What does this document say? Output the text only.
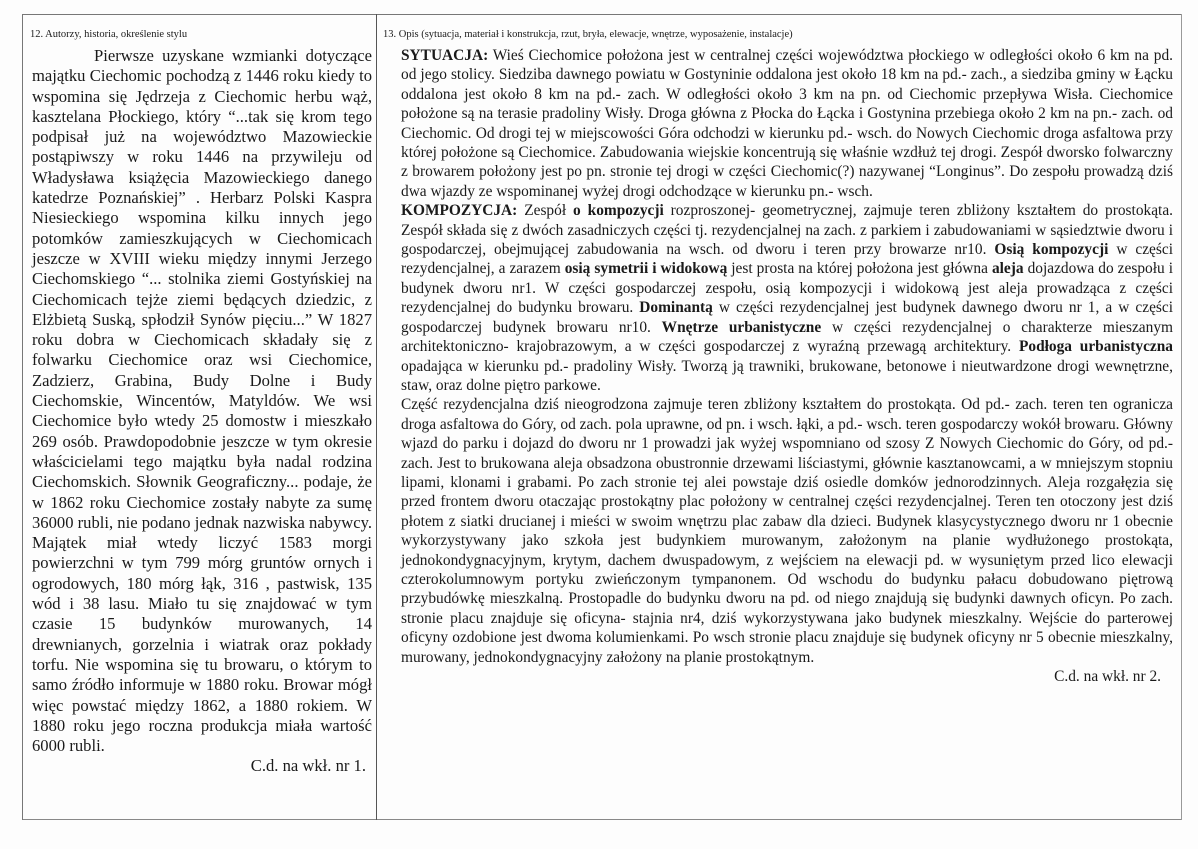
12. Autorzy, historia, określenie stylu

Pierwsze uzyskane wzmianki dotyczące majątku Ciechomic pochodzą z 1446 roku kiedy to wspomina się Jędrzeja z Ciechomic herbu wąż, kasztelana Płockiego, który “...tak się krom tego podpisał już na województwo Mazowieckie postąpiwszy w roku 1446 na przywileju od Władysława książęcia Mazowieckiego danego katedrze Poznańskiej” . Herbarz Polski Kaspra Niesieckiego wspomina kilku innych jego potomków zamieszkujących w Ciechomicach jeszcze w XVIII wieku między innymi Jerzego Ciechomskiego “... stolnika ziemi Gostyńskiej na Ciechomicach tejże ziemi będących dziedzic, z Elżbietą Suską, spłodził Synów pięciu...” W 1827 roku dobra w Ciechomicach składały się z folwarku Ciechomice oraz wsi Ciechomice, Zadzierz, Grabina, Budy Dolne i Budy Ciechomskie, Wincentów, Matyldów. We wsi Ciechomice było wtedy 25 domostw i mieszkało 269 osób. Prawdopodobnie jeszcze w tym okresie właścicielami tego majątku była nadal rodzina Ciechomskich. Słownik Geograficzny... podaje, że w 1862 roku Ciechomice zostały nabyte za sumę 36000 rubli, nie podano jednak nazwiska nabywcy. Majątek miał wtedy liczyć 1583 morgi powierzchni w tym 799 mórg gruntów ornych i ogrodowych, 180 mórg łąk, 316 , pastwisk, 135 wód i 38 lasu. Miało tu się znajdować w tym czasie 15 budynków murowanych, 14 drewnianych, gorzelnia i wiatrak oraz pokłady torfu. Nie wspomina się tu browaru, o którym to samo źródło informuje w 1880 roku. Browar mógł więc powstać między 1862, a 1880 rokiem. W 1880 roku jego roczna produkcja miała wartość 6000 rubli.

C.d. na wkł. nr 1.

13. Opis (sytuacja, materiał i konstrukcja, rzut, bryła, elewacje, wnętrze, wyposażenie, instalacje)

SYTUACJA: Wieś Ciechomice położona jest w centralnej części województwa płockiego w odległości około 6 km na pd. od jego stolicy. Siedziba dawnego powiatu w Gostyninie oddalona jest około 18 km na pd.- zach., a siedziba gminy w Łącku oddalona jest około 8 km na pd.- zach. W odległości około 3 km na pn. od Ciechomic przepływa Wisła. Ciechomice położone są na terasie pradoliny Wisły. Droga główna z Płocka do Łącka i Gostynina przebiega około 2 km na pn.- zach. od Ciechomic. Od drogi tej w miejscowości Góra odchodzi w kierunku pd.- wsch. do Nowych Ciechomic droga asfaltowa przy której położone są Ciechomice. Zabudowania wiejskie koncentrują się właśnie wzdłuż tej drogi. Zespół dworsko folwarczny z browarem położony jest po pn. stronie tej drogi w części Ciechomic(?) nazywanej “Longinus”. Do zespołu prowadzą dziś dwa wjazdy ze wspominanej wyżej drogi odchodzące w kierunku pn.- wsch.

KOMPOZYCJA: Zespół o kompozycji rozproszonej- geometrycznej, zajmuje teren zbliżony kształtem do prostokąta. Zespół składa się z dwóch zasadniczych części tj. rezydencjalnej na zach. z parkiem i zabudowaniami w sąsiedztwie dworu i gospodarczej, obejmującej zabudowania na wsch. od dworu i teren przy browarze nr10. Osią kompozycji w części rezydencjalnej, a zarazem osią symetrii i widokową jest prosta na której położona jest główna aleja dojazdowa do zespołu i budynek dworu nr1. W części gospodarczej zespołu, osią kompozycji i widokową jest aleja prowadząca z części rezydencjalnej do budynku browaru. Dominantą w części rezydencjalnej jest budynek dawnego dworu nr 1, a w części gospodarczej budynek browaru nr10. Wnętrze urbanistyczne w części rezydencjalnej o charakterze mieszanym architektoniczno- krajobrazowym, a w części gospodarczej z wyraźną przewagą architektury. Podłoga urbanistyczna opadająca w kierunku pd.- pradoliny Wisły. Tworzą ją trawniki, brukowane, betonowe i nieutwardzone drogi wewnętrzne, staw, oraz dolne piętro parkowe.

Część rezydencjalna dziś nieogrodzona zajmuje teren zbliżony kształtem do prostokąta. Od pd.- zach. teren ten ogranicza droga asfaltowa do Góry, od zach. pola uprawne, od pn. i wsch. łąki, a pd.- wsch. teren gospodarczy wokół browaru. Główny wjazd do parku i dojazd do dworu nr 1 prowadzi jak wyżej wspomniano od szosy Z Nowych Ciechomic do Góry, od pd.- zach. Jest to brukowana aleja obsadzona obustronnie drzewami liściastymi, głównie kasztanowcami, a w mniejszym stopniu lipami, klonami i grabami. Po zach stronie tej alei powstaje dziś osiedle domków jednorodzinnych. Aleja rozgałęzia się przed frontem dworu otaczając prostokątny plac położony w centralnej części rezydencjalnej. Teren ten otoczony jest dziś płotem z siatki drucianej i mieści w swoim wnętrzu plac zabaw dla dzieci. Budynek klasycystycznego dworu nr 1 obecnie wykorzystywany jako szkoła jest budynkiem murowanym, założonym na planie wydłużonego prostokąta, jednokondygnacyjnym, krytym, dachem dwuspadowym, z wejściem na elewacji pd. w wysuniętym przed lico elewacji czterokolumnowym portyku zwieńczonym tympanonem. Od wschodu do budynku pałacu dobudowano piętrową przybudówkę mieszkalną. Prostopadle do budynku dworu na pd. od niego znajdują się budynki dawnych oficyn. Po zach. stronie placu znajduje się oficyna- stajnia nr4, dziś wykorzystywana jako budynek mieszkalny. Wejście do parterowej oficyny ozdobione jest dwoma kolumienkami. Po wsch stronie placu znajduje się budynek oficyny nr 5 obecnie mieszkalny, murowany, jednokondygnacyjny założony na planie prostokątnym.

C.d. na wkł. nr 2.
